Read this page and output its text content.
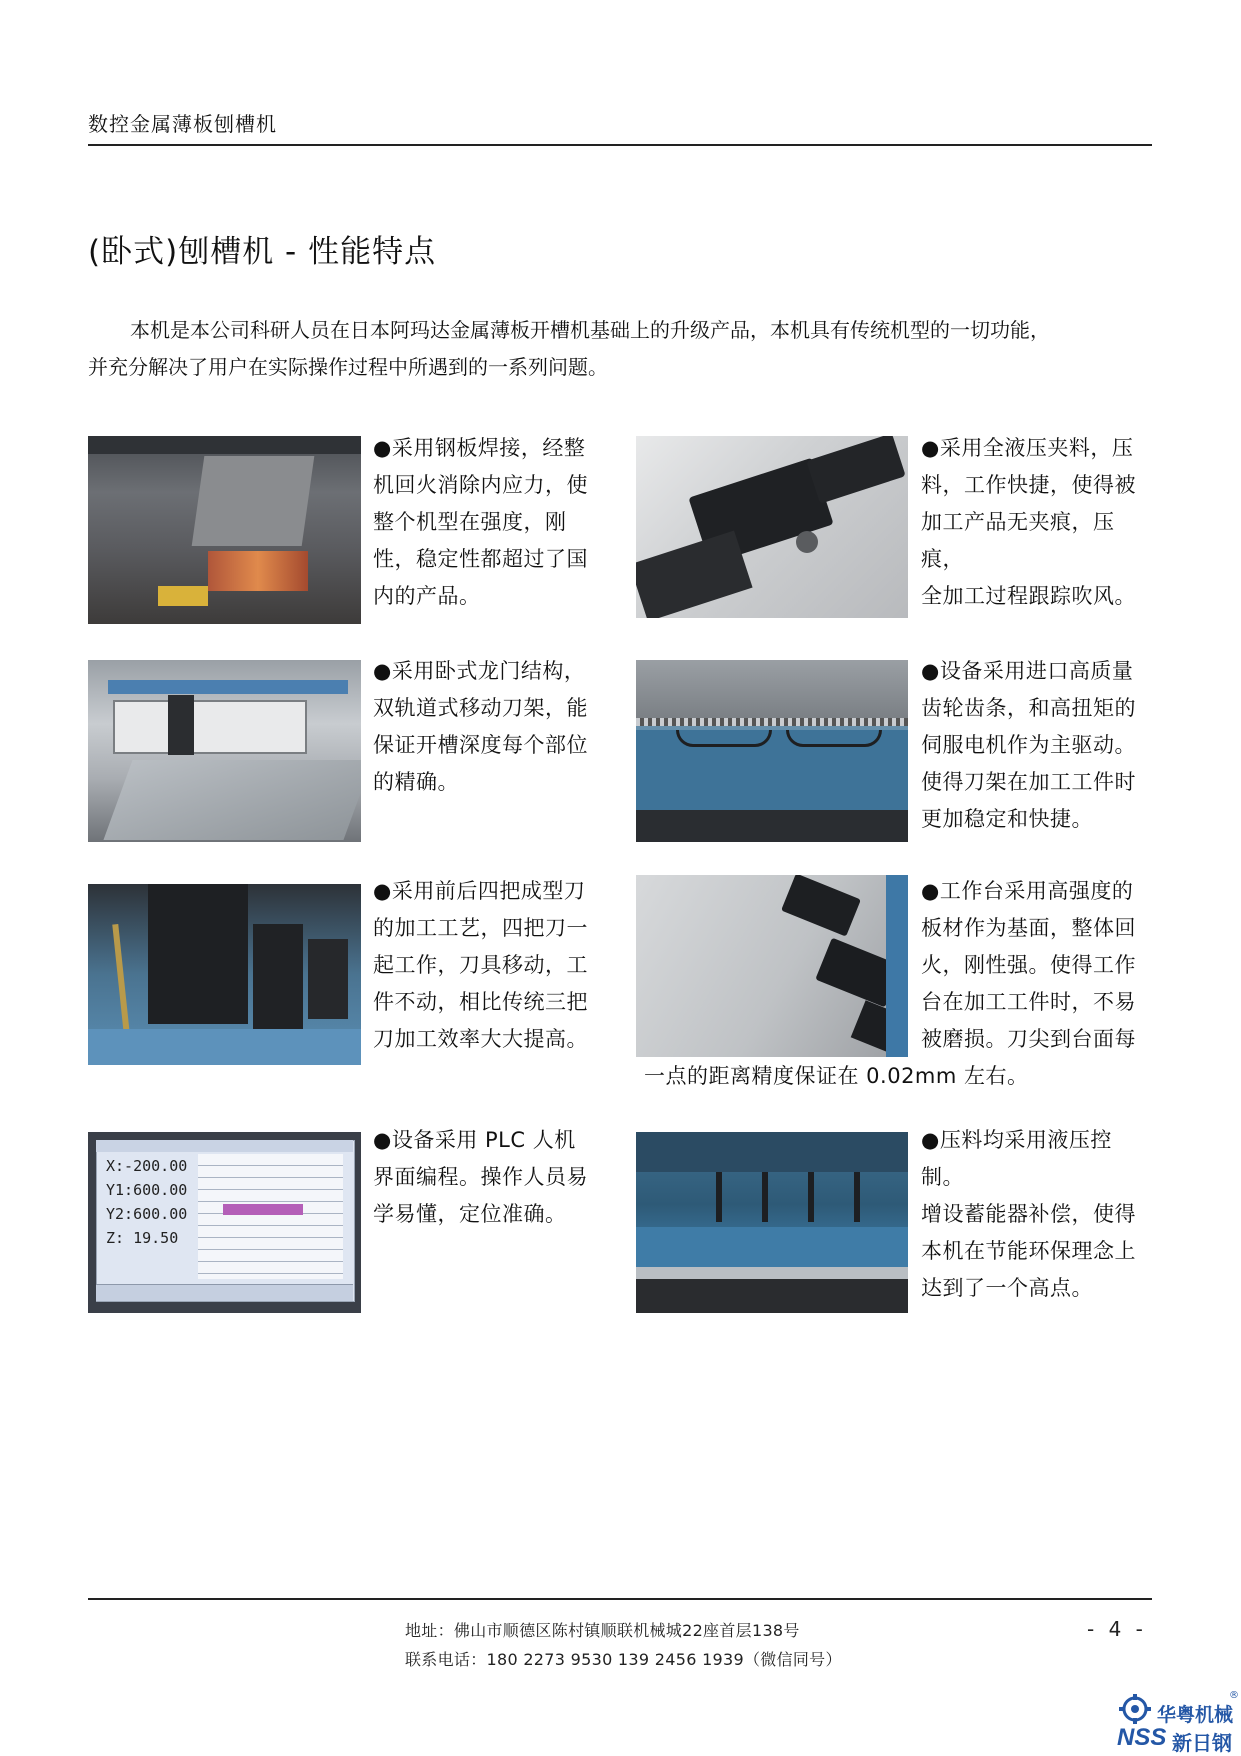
数控金属薄板刨槽机
(卧式)刨槽机 - 性能特点

本机是本公司科研人员在日本阿玛达金属薄板开槽机基础上的升级产品，本机具有传统机型的一切功能，

并充分解决了用户在实际操作过程中所遇到的一系列问题。

●采用钢板焊接，经整
机回火消除内应力，使
整个机型在强度，刚
性，稳定性都超过了国
内的产品。
●采用全液压夹料，压
料，工作快捷，使得被
加工产品无夹痕，压痕，
全加工过程跟踪吹风。
●采用卧式龙门结构，
双轨道式移动刀架，能
保证开槽深度每个部位
的精确。
●设备采用进口高质量
齿轮齿条，和高扭矩的
伺服电机作为主驱动。
使得刀架在加工工件时
更加稳定和快捷。
●采用前后四把成型刀
的加工工艺，四把刀一
起工作，刀具移动，工
件不动，相比传统三把
刀加工效率大大提高。
●工作台采用高强度的
板材作为基面，整体回
火，刚性强。使得工作
台在加工工件时，不易
被磨损。刀尖到台面每
一点的距离精度保证在 0.02mm 左右。
X:-200.00
Y1:600.00
Y2:600.00
Z: 19.50
●设备采用 PLC 人机
界面编程。操作人员易
学易懂，定位准确。
●压料均采用液压控制。
增设蓄能器补偿，使得
本机在节能环保理念上
达到了一个高点。
地址：佛山市顺德区陈村镇顺联机械城22座首层138号
联系电话：180 2273 9530 139 2456 1939（微信同号）
- 4 -
华粤机械
®
NSS 新日钢
